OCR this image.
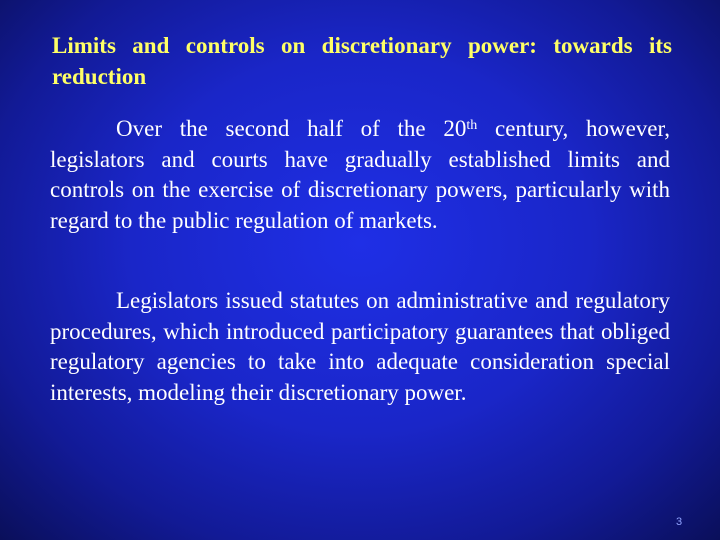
Limits and controls on discretionary power: towards its reduction
Over the second half of the 20th century, however, legislators and courts have gradually established limits and controls on the exercise of discretionary powers, particularly with regard to the public regulation of markets.
Legislators issued statutes on administrative and regulatory procedures, which introduced participatory guarantees that obliged regulatory agencies to take into adequate consideration special interests, modeling their discretionary power.
3
